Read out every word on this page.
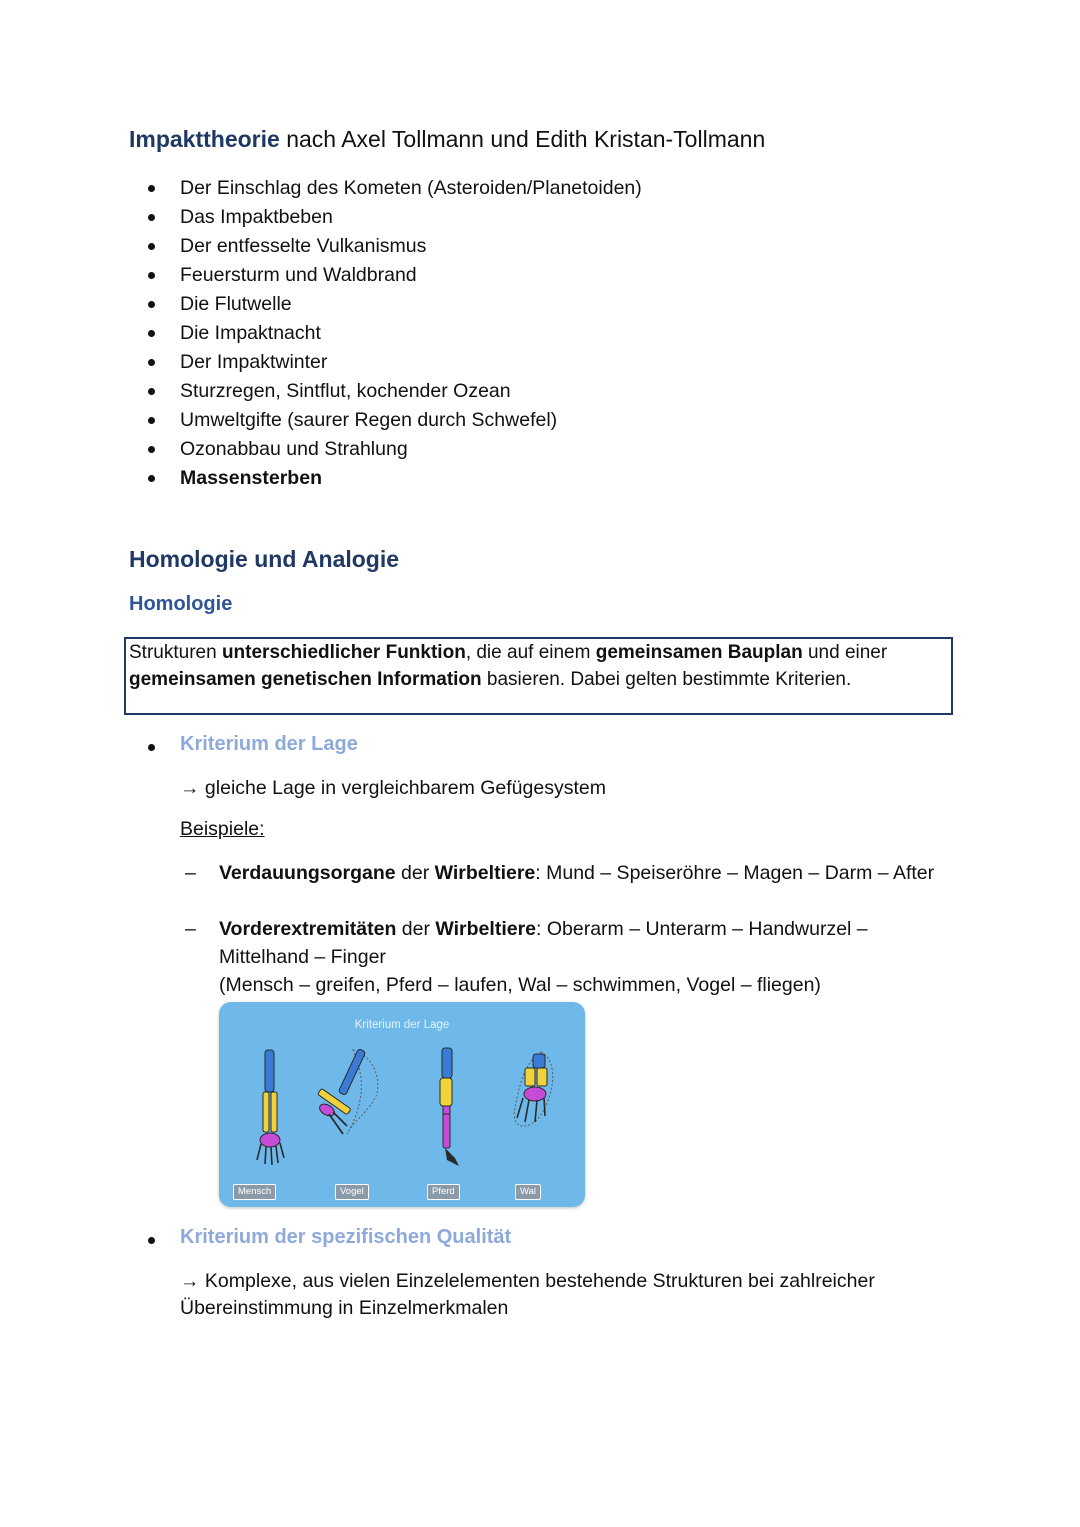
Impakttheorie nach Axel Tollmann und Edith Kristan-Tollmann
Der Einschlag des Kometen (Asteroiden/Planetoiden)
Das Impaktbeben
Der entfesselte Vulkanismus
Feuersturm und Waldbrand
Die Flutwelle
Die Impaktnacht
Der Impaktwinter
Sturzregen, Sintflut, kochender Ozean
Umweltgifte (saurer Regen durch Schwefel)
Ozonabbau und Strahlung
Massensterben
Homologie und Analogie
Homologie
Strukturen unterschiedlicher Funktion, die auf einem gemeinsamen Bauplan und einer gemeinsamen genetischen Information basieren. Dabei gelten bestimmte Kriterien.
Kriterium der Lage
→ gleiche Lage in vergleichbarem Gefügesystem
Beispiele:
–	Verdauungsorgane der Wirbeltiere: Mund – Speiseröhre – Magen – Darm – After
–	Vorderextremitäten der Wirbeltiere: Oberarm – Unterarm – Handwurzel – Mittelhand – Finger
(Mensch – greifen, Pferd – laufen, Wal – schwimmen, Vogel – fliegen)
Kriterium der Lage
Mensch	Vogel	Pferd	Wal
Kriterium der spezifischen Qualität
→ Komplexe, aus vielen Einzelelementen bestehende Strukturen bei zahlreicher Übereinstimmung in Einzelmerkmalen
